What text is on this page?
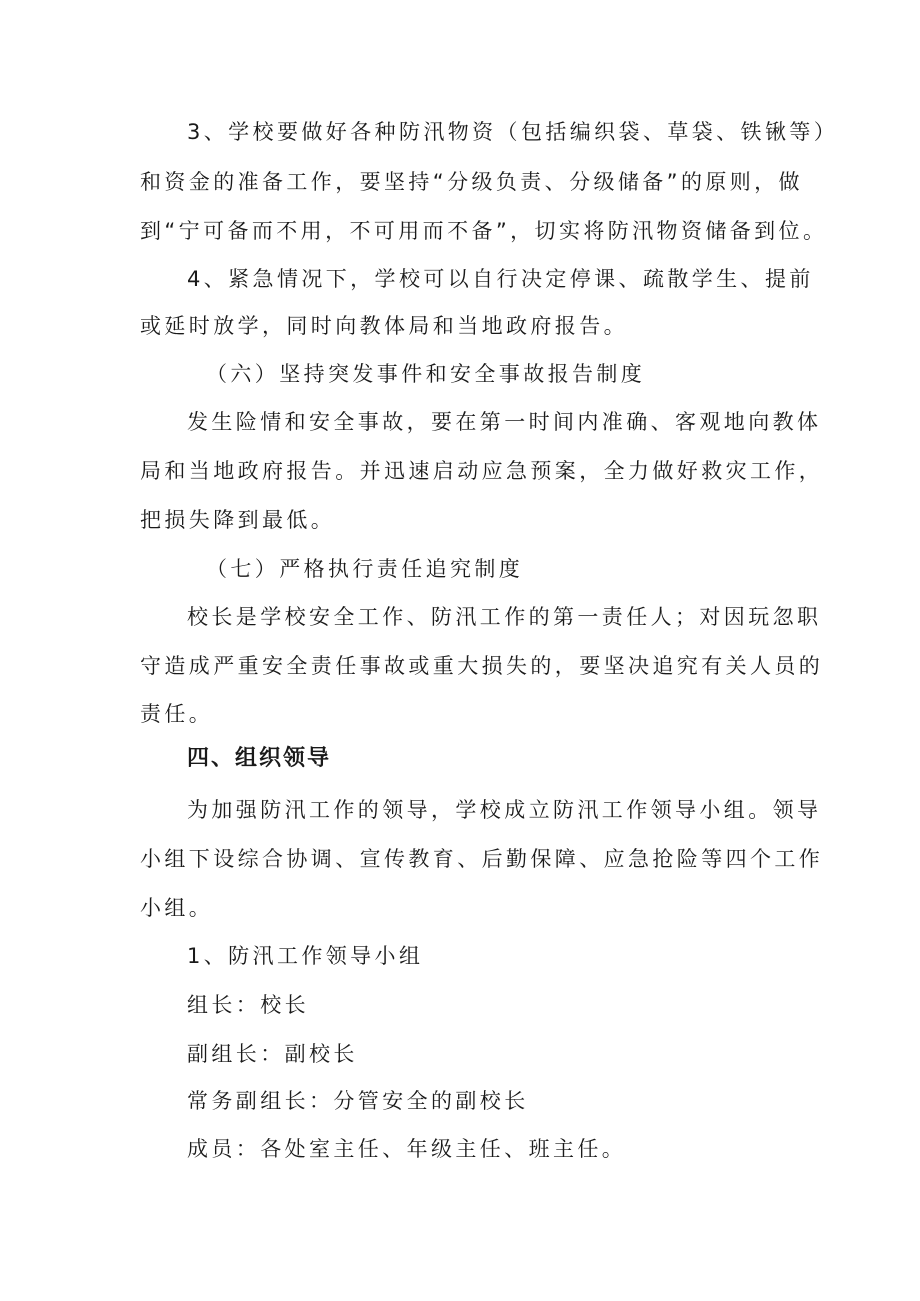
3、学校要做好各种防汛物资（包括编织袋、草袋、铁锹等）
和资金的准备工作，要坚持“分级负责、分级储备”的原则，做
到“宁可备而不用，不可用而不备”，切实将防汛物资储备到位。
4、紧急情况下，学校可以自行决定停课、疏散学生、提前
或延时放学，同时向教体局和当地政府报告。
（六）坚持突发事件和安全事故报告制度
发生险情和安全事故，要在第一时间内准确、客观地向教体
局和当地政府报告。并迅速启动应急预案，全力做好救灾工作，
把损失降到最低。
（七）严格执行责任追究制度
校长是学校安全工作、防汛工作的第一责任人；对因玩忽职
守造成严重安全责任事故或重大损失的，要坚决追究有关人员的
责任。
四、组织领导
为加强防汛工作的领导，学校成立防汛工作领导小组。领导
小组下设综合协调、宣传教育、后勤保障、应急抢险等四个工作
小组。
1、防汛工作领导小组
组长：校长
副组长：副校长
常务副组长：分管安全的副校长
成员：各处室主任、年级主任、班主任。
